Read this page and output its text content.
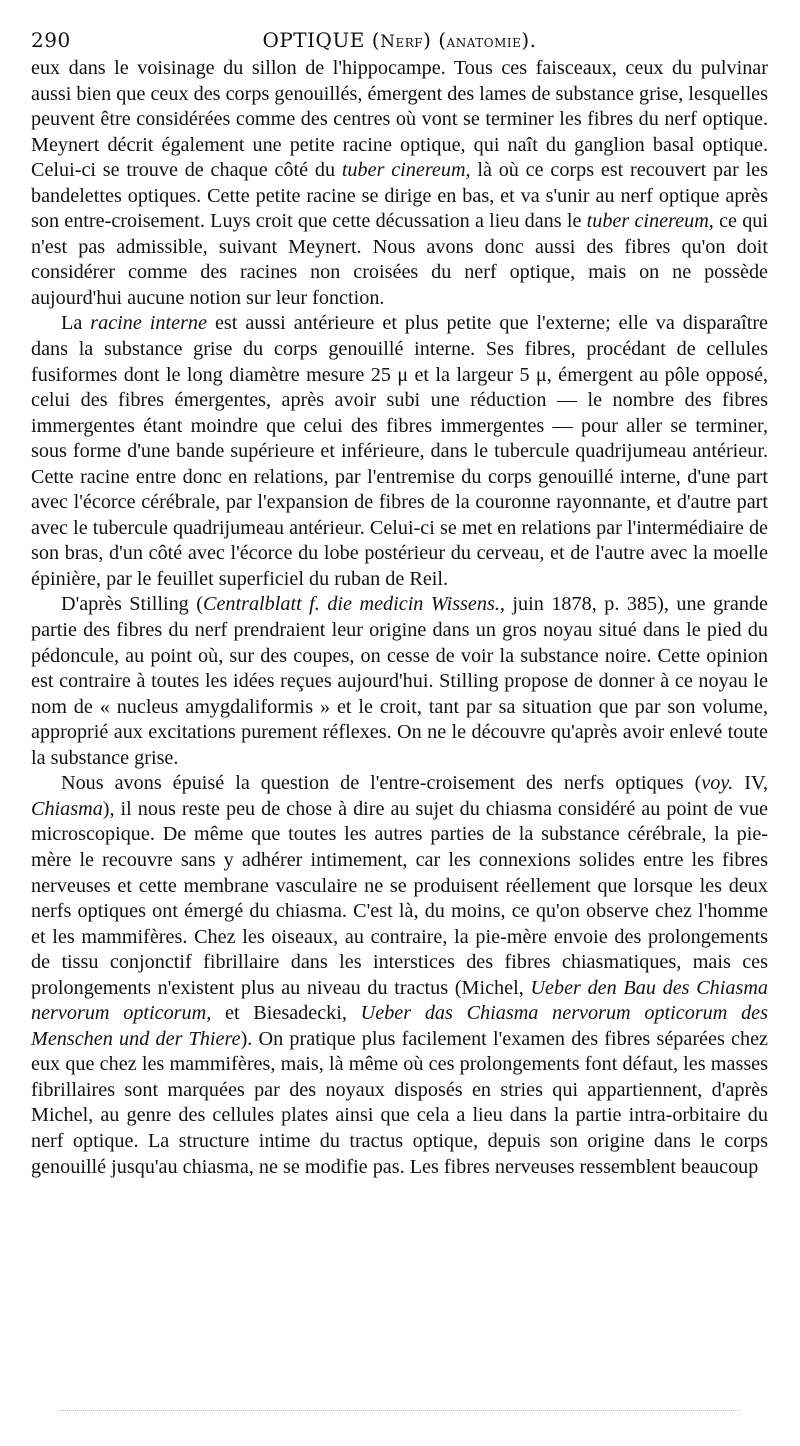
290	OPTIQUE (Nerf) (anatomie).

eux dans le voisinage du sillon de l'hippocampe. Tous ces faisceaux, ceux du pulvinar aussi bien que ceux des corps genouillés, émergent des lames de substance grise, lesquelles peuvent être considérées comme des centres où vont se terminer les fibres du nerf optique. Meynert décrit également une petite racine optique, qui naît du ganglion basal optique. Celui-ci se trouve de chaque côté du tuber cinereum, là où ce corps est recouvert par les bandelettes optiques. Cette petite racine se dirige en bas, et va s'unir au nerf optique après son entre-croisement. Luys croit que cette décussation a lieu dans le tuber cinereum, ce qui n'est pas admissible, suivant Meynert. Nous avons donc aussi des fibres qu'on doit considérer comme des racines non croisées du nerf optique, mais on ne possède aujourd'hui aucune notion sur leur fonction.

La racine interne est aussi antérieure et plus petite que l'externe; elle va disparaître dans la substance grise du corps genouillé interne. Ses fibres, procédant de cellules fusiformes dont le long diamètre mesure 25 μ et la largeur 5 μ, émergent au pôle opposé, celui des fibres émergentes, après avoir subi une réduction — le nombre des fibres immergentes étant moindre que celui des fibres immergentes — pour aller se terminer, sous forme d'une bande supérieure et inférieure, dans le tubercule quadrijumeau antérieur. Cette racine entre donc en relations, par l'entremise du corps genouillé interne, d'une part avec l'écorce cérébrale, par l'expansion de fibres de la couronne rayonnante, et d'autre part avec le tubercule quadrijumeau antérieur. Celui-ci se met en relations par l'intermédiaire de son bras, d'un côté avec l'écorce du lobe postérieur du cerveau, et de l'autre avec la moelle épinière, par le feuillet superficiel du ruban de Reil.

D'après Stilling (Centralblatt f. die medicin Wissens., juin 1878, p. 385), une grande partie des fibres du nerf prendraient leur origine dans un gros noyau situé dans le pied du pédoncule, au point où, sur des coupes, on cesse de voir la substance noire. Cette opinion est contraire à toutes les idées reçues aujourd'hui. Stilling propose de donner à ce noyau le nom de « nucleus amygdaliformis » et le croit, tant par sa situation que par son volume, approprié aux excitations purement réflexes. On ne le découvre qu'après avoir enlevé toute la substance grise.

Nous avons épuisé la question de l'entre-croisement des nerfs optiques (voy. IV, Chiasma), il nous reste peu de chose à dire au sujet du chiasma considéré au point de vue microscopique. De même que toutes les autres parties de la substance cérébrale, la pie-mère le recouvre sans y adhérer intimement, car les connexions solides entre les fibres nerveuses et cette membrane vasculaire ne se produisent réellement que lorsque les deux nerfs optiques ont émergé du chiasma. C'est là, du moins, ce qu'on observe chez l'homme et les mammifères. Chez les oiseaux, au contraire, la pie-mère envoie des prolongements de tissu conjonctif fibrillaire dans les interstices des fibres chiasmatiques, mais ces prolongements n'existent plus au niveau du tractus (Michel, Ueber den Bau des Chiasma nervorum opticorum, et Biesadecki, Ueber das Chiasma nervorum opticorum des Menschen und der Thiere). On pratique plus facilement l'examen des fibres séparées chez eux que chez les mammifères, mais, là même où ces prolongements font défaut, les masses fibrillaires sont marquées par des noyaux disposés en stries qui appartiennent, d'après Michel, au genre des cellules plates ainsi que cela a lieu dans la partie intra-orbitaire du nerf optique. La structure intime du tractus optique, depuis son origine dans le corps genouillé jusqu'au chiasma, ne se modifie pas. Les fibres nerveuses ressemblent beaucoup
